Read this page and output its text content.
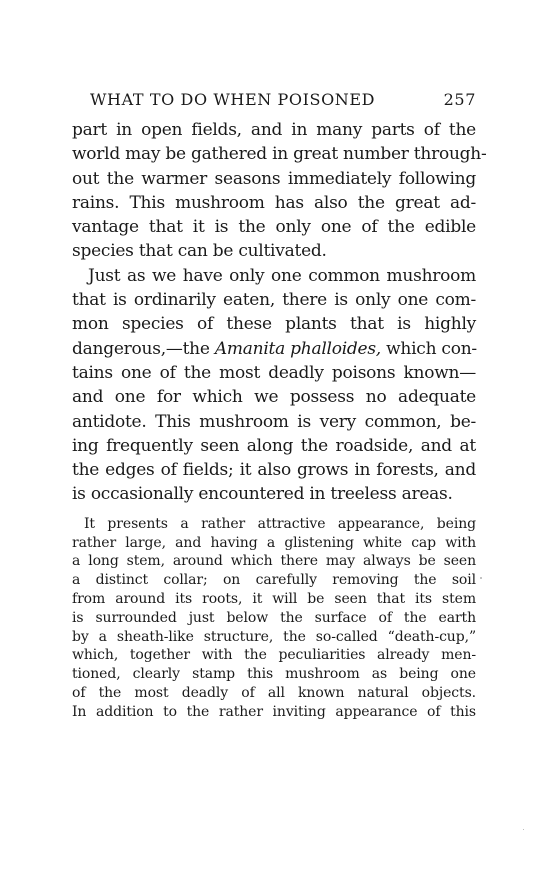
WHAT TO DO WHEN POISONED	257
part in open fields, and in many parts of the
world may be gathered in great number through-
out the warmer seasons immediately following
rains. This mushroom has also the great ad-
vantage that it is the only one of the edible
species that can be cultivated.
Just as we have only one common mushroom
that is ordinarily eaten, there is only one com-
mon species of these plants that is highly
dangerous,—the Amanita phalloides, which con-
tains one of the most deadly poisons known—
and one for which we possess no adequate
antidote. This mushroom is very common, be-
ing frequently seen along the roadside, and at
the edges of fields; it also grows in forests, and
is occasionally encountered in treeless areas.
It presents a rather attractive appearance, being
rather large, and having a glistening white cap with
a long stem, around which there may always be seen
a distinct collar; on carefully removing the soil
from around its roots, it will be seen that its stem
is surrounded just below the surface of the earth
by a sheath-like structure, the so-called “death-cup,”
which, together with the peculiarities already men-
tioned, clearly stamp this mushroom as being one
of the most deadly of all known natural objects.
In addition to the rather inviting appearance of this
